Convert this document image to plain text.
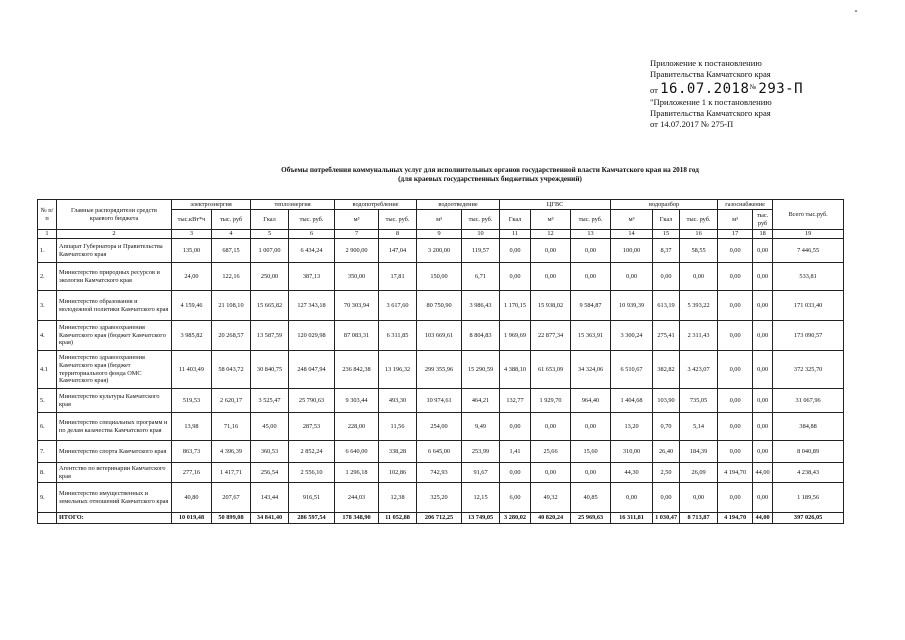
Приложение к постановлению
Правительства Камчатского края
от 16.07.2018№ 293-П
"Приложение 1 к постановлению
Правительства Камчатского края
от 14.07.2017 № 275-П
Объемы потребления коммунальных услуг для исполнительных органов государственной власти Камчатского края на 2018 год
(для краевых государственных бюджетных учреждений)
№ п/п	Главные распорядители средств краевого бюджета	электроэнергия		теплоэнергия		водопотребление		водоотведение		ЦГВС			водоразбор			газоснабжение		Всего тыс.руб.
		тыс.кВт*ч	тыс. руб	Гкал	тыс. руб.	м³	тыс. руб.	м³	тыс. руб.	Гкал	м³	тыс. руб.	м³	Гкал	тыс. руб.	м³	тыс. руб	
1	2	3	4	5	6	7	8	9	10	11	12	13	14	15	16	17	18	19
1.	Аппарат Губернатора и Правительства Камчатского края	135,00	687,15	1 007,00	6 434,24	2 900,00	147,04	3 200,00	119,57	0,00	0,00	0,00	100,00	8,37	58,55	0,00	0,00	7 446,55
2.	Министерство природных ресурсов и экологии Камчатского края	24,00	122,16	250,00	387,13	350,00	17,81	150,00	6,71	0,00	0,00	0,00	0,00	0,00	0,00	0,00	0,00	533,81
3.	Министерство образования и молодежной политики Камчатского края	4 159,46	21 108,10	15 665,82	127 343,18	70 303,94	3 617,60	80 750,90	3 986,43	1 170,15	15 938,02	9 584,87	10 939,39	613,19	5 393,22	0,00	0,00	171 033,40
4.	Министерство здравоохранения Камчатского края (бюджет Камчатского края)	3 985,82	20 268,57	13 587,59	120 029,98	87 083,31	6 311,85	103 669,61	8 804,83	1 969,69	22 877,34	15 363,91	3 300,24	275,41	2 311,43	0,00	0,00	173 090,57
4.1	Министерство здравоохранения Камчатского края (бюджет территориального фонда ОМС Камчатского края)	11 403,49	58 043,72	30 840,75	248 047,94	236 842,38	13 196,32	299 355,96	15 290,59	4 388,10	61 653,09	34 324,06	6 510,67	382,82	3 423,07	0,00	0,00	372 325,70
5.	Министерство культуры Камчатского края	519,53	2 620,17	3 525,47	25 790,63	9 303,44	493,30	10 974,61	464,21	132,77	1 929,70	964,40	1 404,68	103,90	735,05	0,00	0,00	31 067,96
6.	Министерство специальных программ и по делам казачества Камчатского края	13,98	71,16	45,00	287,53	228,00	11,56	254,00	9,49	0,00	0,00	0,00	13,20	0,70	5,14	0,00	0,00	384,88
7.	Министерство спорта Камчатского края	863,73	4 396,39	360,53	2 852,24	6 640,00	338,28	6 645,00	253,99	1,41	25,66	15,60	310,00	26,40	184,39	0,00	0,00	8 040,89
8.	Агентство по ветеринарии Камчатского края	277,16	1 417,71	256,54	2 556,10	1 296,18	102,86	742,93	91,67	0,00	0,00	0,00	44,30	2,50	26,09	4 194,70	44,00	4 238,43
9.	Министерство имущественных и земельных отношений Камчатского края	40,80	207,67	143,44	916,51	244,03	12,38	325,20	12,15	6,00	49,32	40,85	0,00	0,00	0,00	0,00	0,00	1 189,56
	ИТОГО:	10 019,48	50 899,08	34 841,40	286 597,54	178 348,90	11 052,88	206 712,25	13 749,05	3 280,02	40 820,24	25 969,63	16 311,81	1 030,47	8 713,87	4 194,70	44,00	397 026,05
